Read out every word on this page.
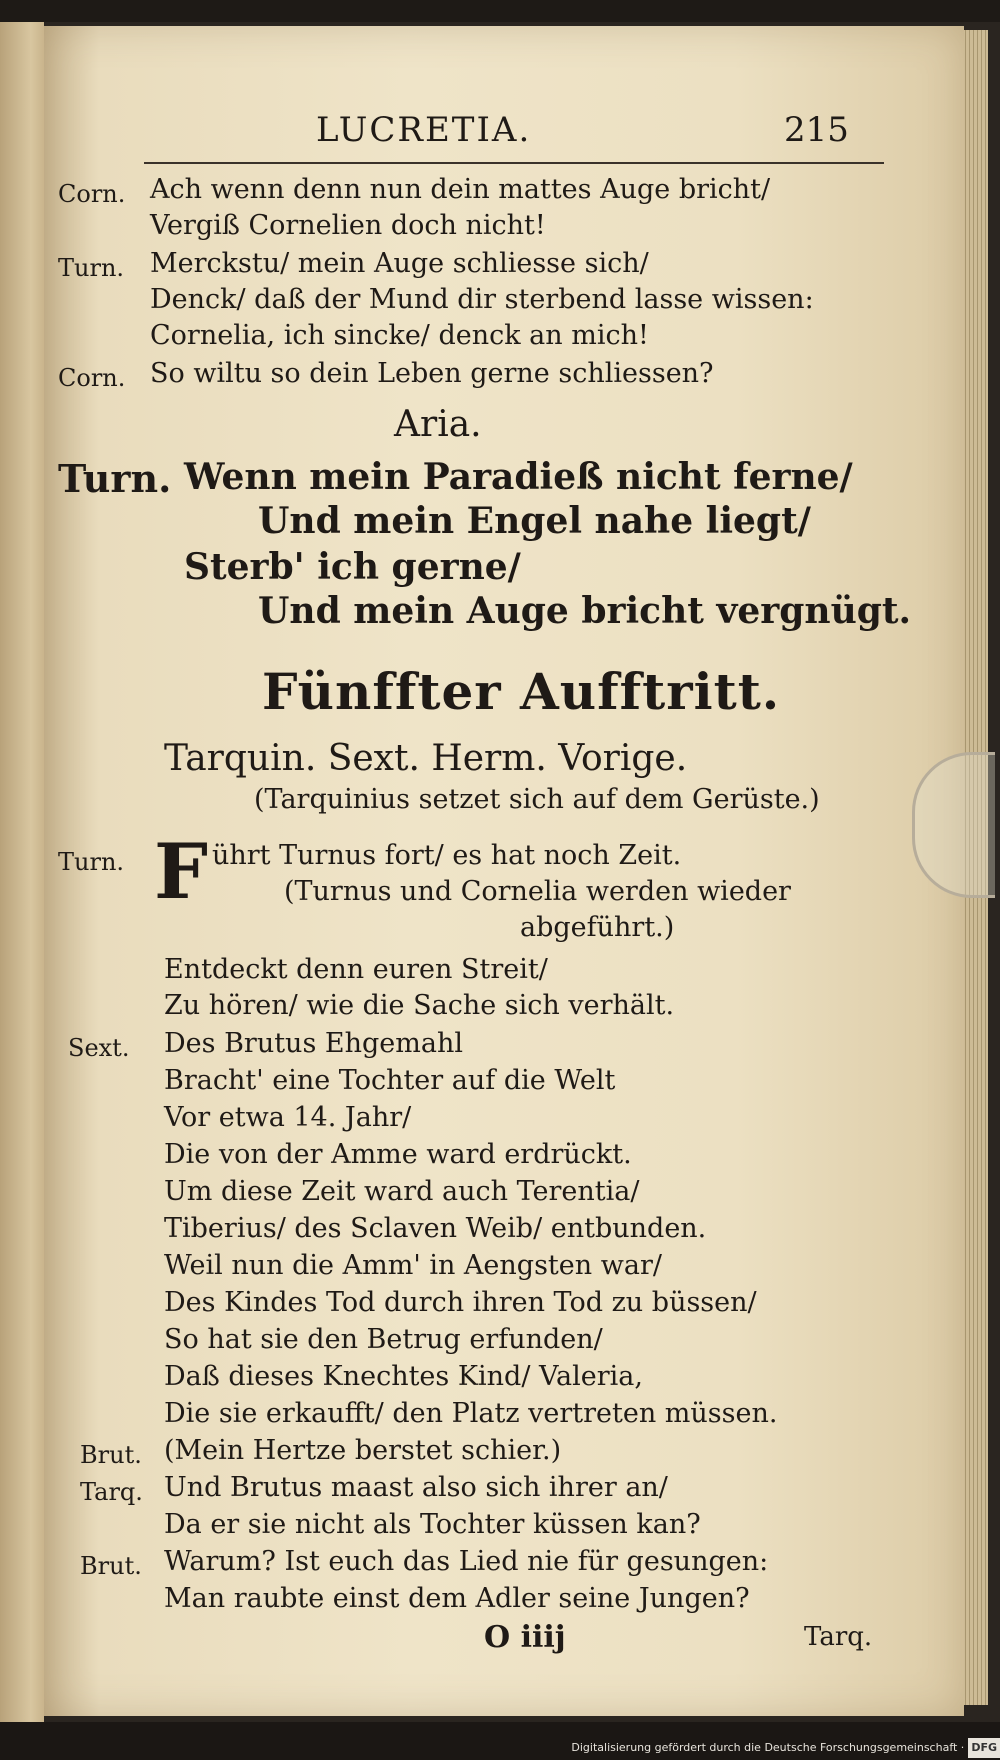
LUCRETIA.	215
Corn. Ach wenn denn nun dein mattes Auge bricht/
Vergiß Cornelien doch nicht!
Turn. Merckstu/ mein Auge schliesse sich/
Denck/ daß der Mund dir sterbend lasse wissen:
Cornelia, ich sincke/ denck an mich!
Corn. So wiltu so dein Leben gerne schliessen?
Aria.
Turn. Wenn mein Paradieß nicht ferne/
Und mein Engel nahe liegt/
Sterb' ich gerne/
Und mein Auge bricht vergnügt.
Fünffter Aufftritt.
Tarquin. Sext. Herm. Vorige.
(Tarquinius setzet sich auf dem Gerüste.)
Turn. F ührt Turnus fort/ es hat noch Zeit.
(Turnus und Cornelia werden wieder
abgeführt.)
Entdeckt denn euren Streit/
Zu hören/ wie die Sache sich verhält.
Sext. Des Brutus Ehgemahl
Bracht' eine Tochter auf die Welt
Vor etwa 14. Jahr/
Die von der Amme ward erdrückt.
Um diese Zeit ward auch Terentia/
Tiberius/ des Sclaven Weib/ entbunden.
Weil nun die Amm' in Aengsten war/
Des Kindes Tod durch ihren Tod zu büssen/
So hat sie den Betrug erfunden/
Daß dieses Knechtes Kind/ Valeria,
Die sie erkaufft/ den Platz vertreten müssen.
Brut. (Mein Hertze berstet schier.)
Tarq. Und Brutus maast also sich ihrer an/
Da er sie nicht als Tochter küssen kan?
Brut. Warum? Ist euch das Lied nie für gesungen:
Man raubte einst dem Adler seine Jungen?
O iiij	Tarq.
Digitalisierung gefördert durch die Deutsche Forschungsgemeinschaft · DFG
